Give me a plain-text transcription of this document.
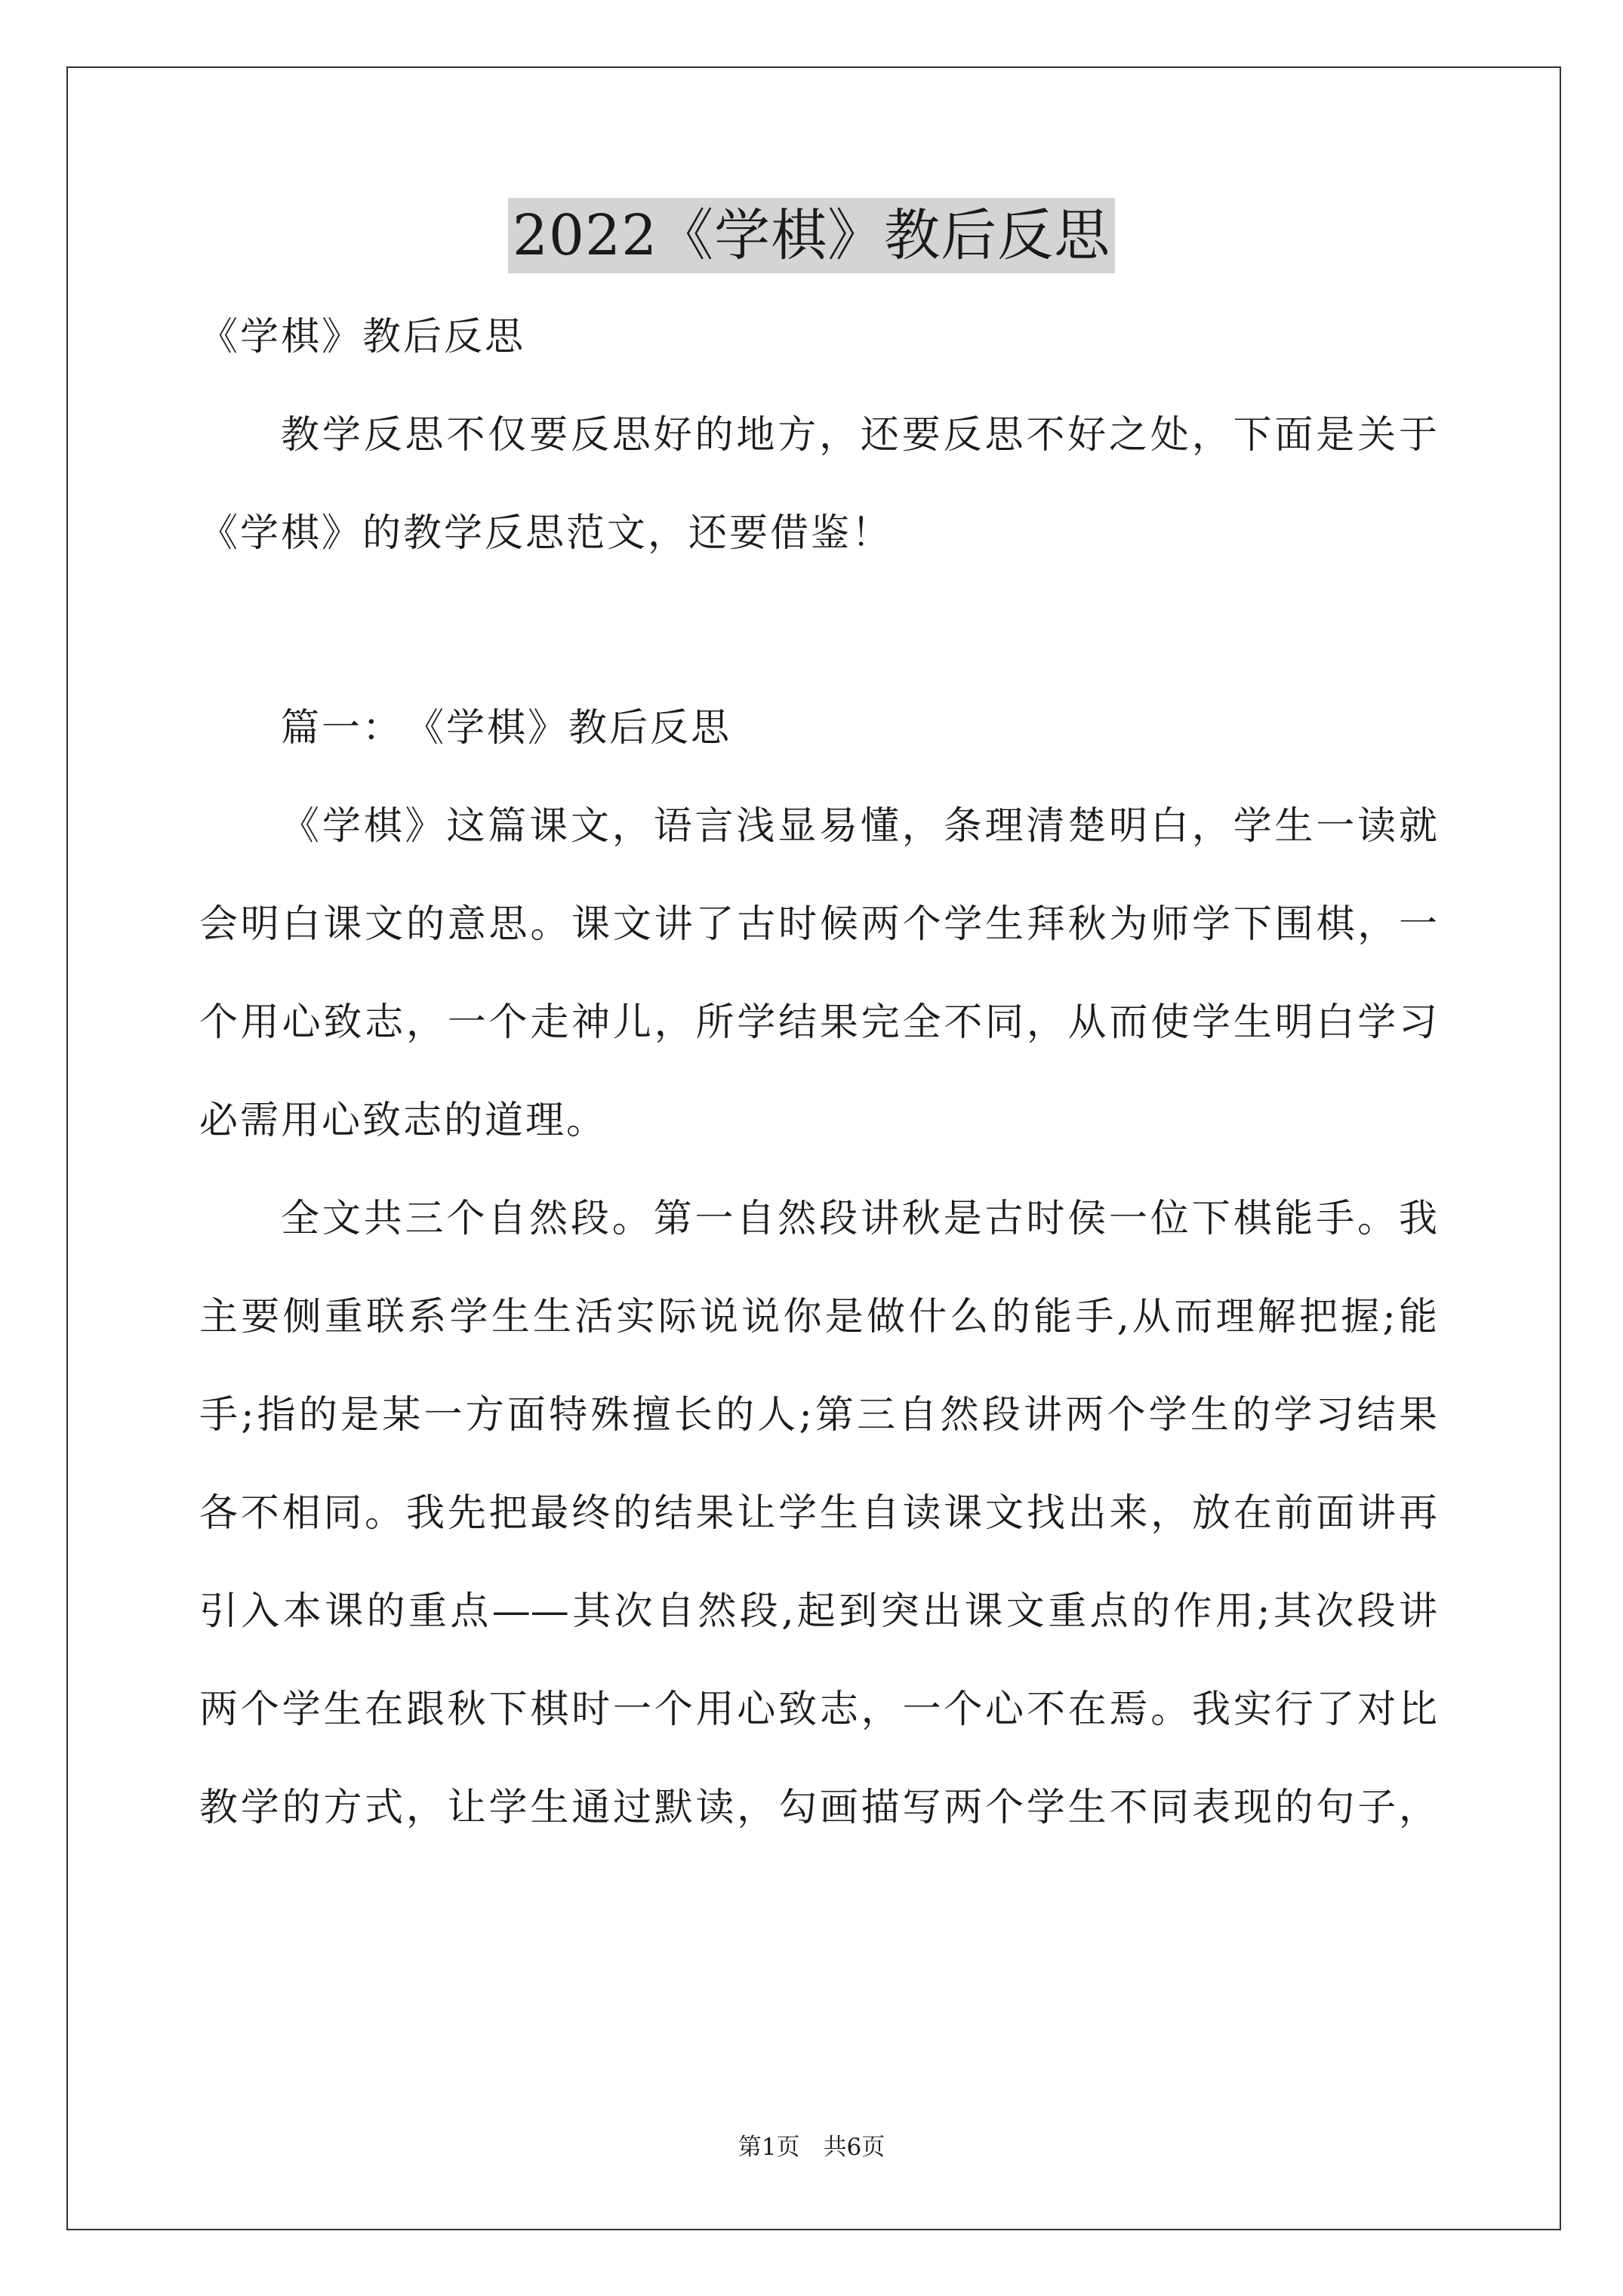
2022《学棋》教后反思
《学棋》教后反思
教学反思不仅要反思好的地方，还要反思不好之处，下面是关于
《学棋》的教学反思范文，还要借鉴！
篇一：　《学棋》教后反思
《学棋》这篇课文，语言浅显易懂，条理清楚明白，学生一读就
会明白课文的意思。课文讲了古时候两个学生拜秋为师学下围棋，一
个用心致志，一个走神儿，所学结果完全不同，从而使学生明白学习
必需用心致志的道理。
全文共三个自然段。第一自然段讲秋是古时侯一位下棋能手。我
主要侧重联系学生生活实际说说你是做什么的能手,从而理解把握;能
手;指的是某一方面特殊擅长的人;第三自然段讲两个学生的学习结果
各不相同。我先把最终的结果让学生自读课文找出来，放在前面讲再
引入本课的重点——其次自然段,起到突出课文重点的作用;其次段讲
两个学生在跟秋下棋时一个用心致志，一个心不在焉。我实行了对比
教学的方式，让学生通过默读，勾画描写两个学生不同表现的句子，
第1页　共6页
